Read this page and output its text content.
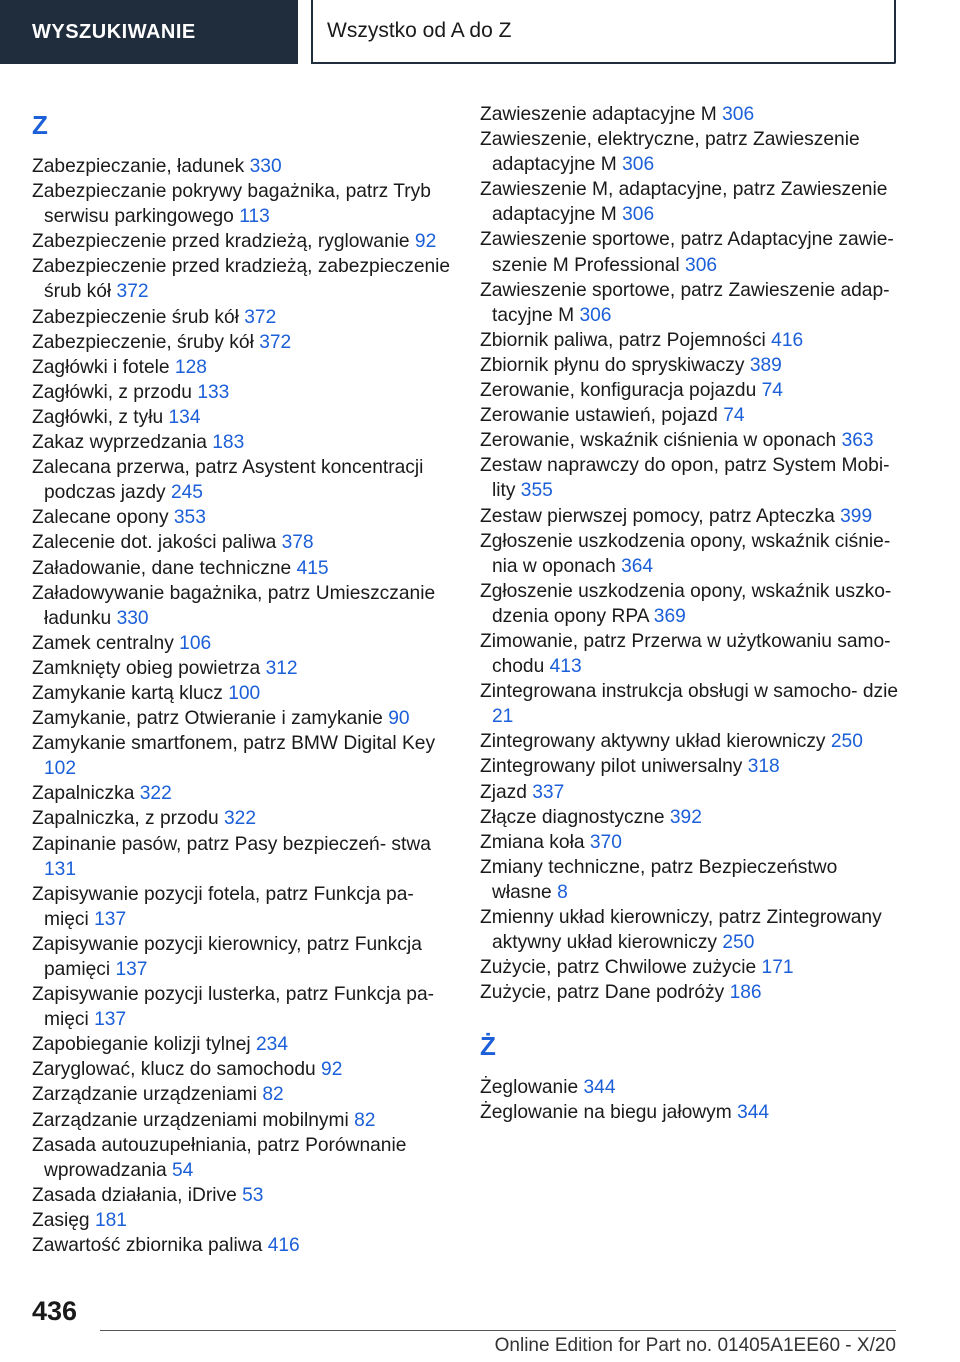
WYSZUKIWANIE	Wszystko od A do Z
Z
Zabezpieczanie, ładunek 330
Zabezpieczanie pokrywy bagażnika, patrz Tryb serwisu parkingowego 113
Zabezpieczenie przed kradzieżą, ryglowanie 92
Zabezpieczenie przed kradzieżą, zabezpieczenie śrub kół 372
Zabezpieczenie śrub kół 372
Zabezpieczenie, śruby kół 372
Zagłówki i fotele 128
Zagłówki, z przodu 133
Zagłówki, z tyłu 134
Zakaz wyprzedzania 183
Zalecana przerwa, patrz Asystent koncentracji podczas jazdy 245
Zalecane opony 353
Zalecenie dot. jakości paliwa 378
Załadowanie, dane techniczne 415
Załadowywanie bagażnika, patrz Umieszczanie ładunku 330
Zamek centralny 106
Zamknięty obieg powietrza 312
Zamykanie kartą klucz 100
Zamykanie, patrz Otwieranie i zamykanie 90
Zamykanie smartfonem, patrz BMW Digital Key 102
Zapalniczka 322
Zapalniczka, z przodu 322
Zapinanie pasów, patrz Pasy bezpieczeń- stwa 131
Zapisywanie pozycji fotela, patrz Funkcja pa- mięci 137
Zapisywanie pozycji kierownicy, patrz Funkcja pamięci 137
Zapisywanie pozycji lusterka, patrz Funkcja pa- mięci 137
Zapobieganie kolizji tylnej 234
Zaryglować, klucz do samochodu 92
Zarządzanie urządzeniami 82
Zarządzanie urządzeniami mobilnymi 82
Zasada autouzupełniania, patrz Porównanie wprowadzania 54
Zasada działania, iDrive 53
Zasięg 181
Zawartość zbiornika paliwa 416
Zawieszenie adaptacyjne M 306
Zawieszenie, elektryczne, patrz Zawieszenie adaptacyjne M 306
Zawieszenie M, adaptacyjne, patrz Zawieszenie adaptacyjne M 306
Zawieszenie sportowe, patrz Adaptacyjne zawie- szenie M Professional 306
Zawieszenie sportowe, patrz Zawieszenie adap- tacyjne M 306
Zbiornik paliwa, patrz Pojemności 416
Zbiornik płynu do spryskiwaczy 389
Zerowanie, konfiguracja pojazdu 74
Zerowanie ustawień, pojazd 74
Zerowanie, wskaźnik ciśnienia w oponach 363
Zestaw naprawczy do opon, patrz System Mobi- lity 355
Zestaw pierwszej pomocy, patrz Apteczka 399
Zgłoszenie uszkodzenia opony, wskaźnik ciśnie- nia w oponach 364
Zgłoszenie uszkodzenia opony, wskaźnik uszko- dzenia opony RPA 369
Zimowanie, patrz Przerwa w użytkowaniu samo- chodu 413
Zintegrowana instrukcja obsługi w samocho- dzie 21
Zintegrowany aktywny układ kierowniczy 250
Zintegrowany pilot uniwersalny 318
Zjazd 337
Złącze diagnostyczne 392
Zmiana koła 370
Zmiany techniczne, patrz Bezpieczeństwo własne 8
Zmienny układ kierowniczy, patrz Zintegrowany aktywny układ kierowniczy 250
Zużycie, patrz Chwilowe zużycie 171
Zużycie, patrz Dane podróży 186
Ż
Żeglowanie 344
Żeglowanie na biegu jałowym 344
436
Online Edition for Part no. 01405A1EE60 - X/20
